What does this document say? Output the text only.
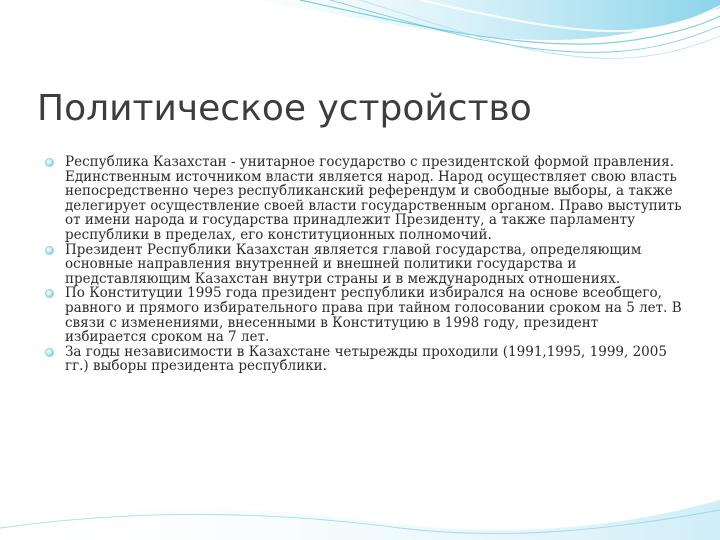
Политическое устройство
Республика Казахстан - унитарное государство с президентской формой правления. Единственным источником власти является народ. Народ осуществляет свою власть непосредственно через республиканский референдум и свободные выборы, а также делегирует осуществление своей власти государственным органом. Право выступить от имени народа и государства принадлежит Президенту, а также парламенту республики в пределах, его конституционных полномочий.
Президент Республики Казахстан является главой государства, определяющим основные направления внутренней и внешней политики государства и представляющим Казахстан внутри страны и в международных отношениях.
По Конституции 1995 года президент республики избирался на основе всеобщего, равного и прямого избирательного права при тайном голосовании сроком на 5 лет. В связи с изменениями, внесенными в Конституцию в 1998 году, президент избирается сроком на 7 лет.
За годы независимости в Казахстане четырежды проходили (1991,1995, 1999, 2005 гг.) выборы президента республики.
